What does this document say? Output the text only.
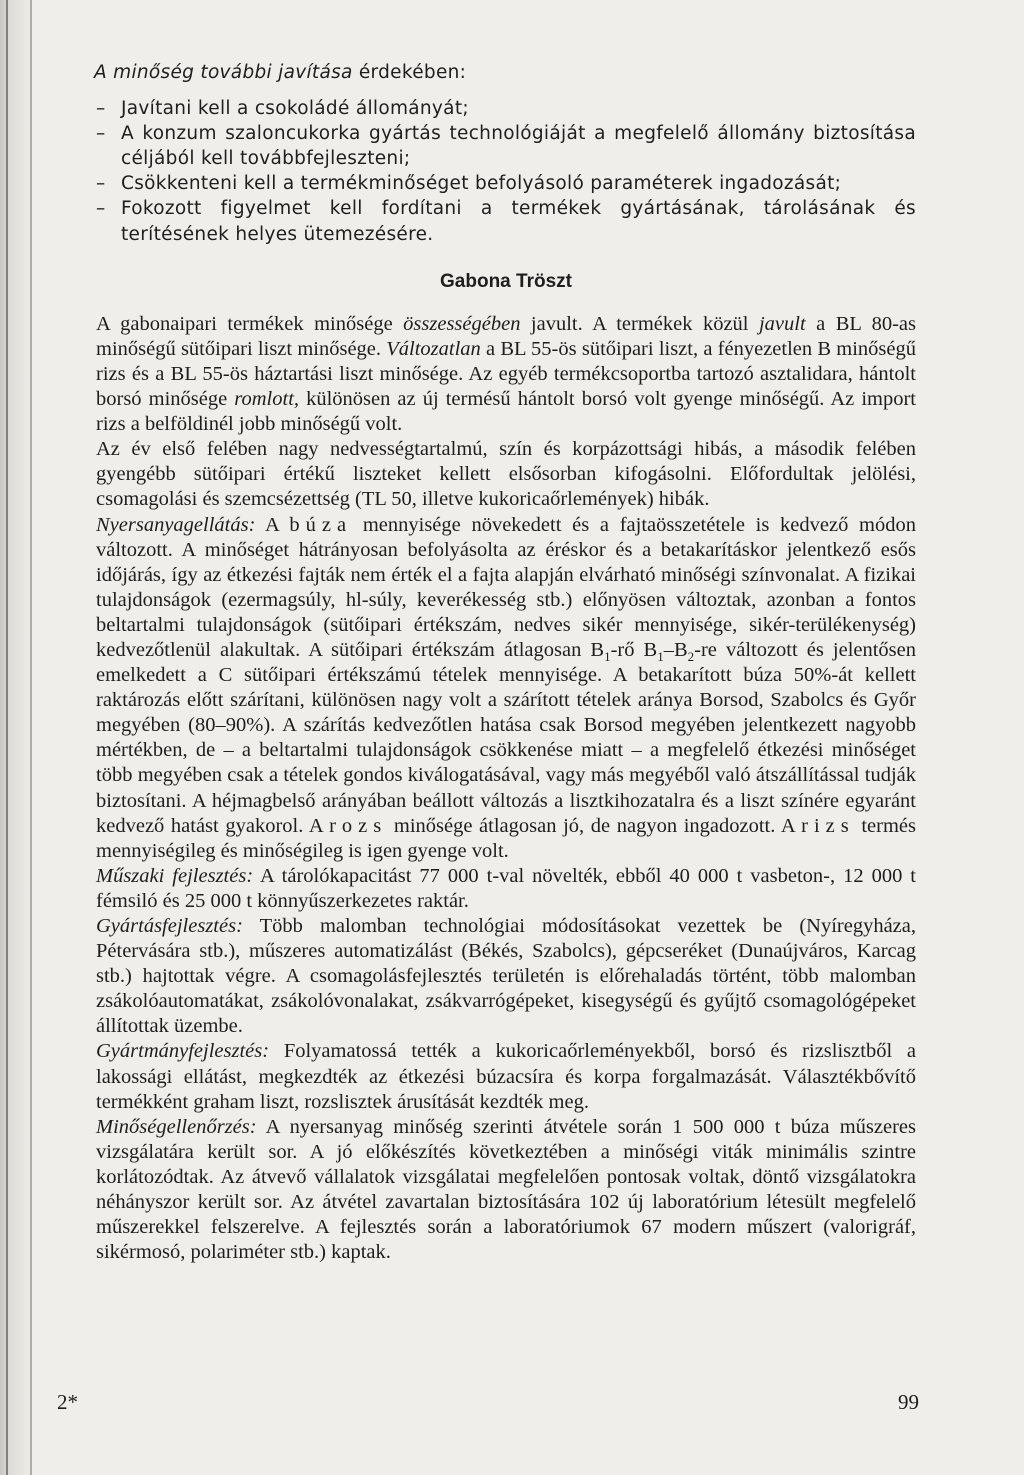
A minőség további javítása érdekében:

– Javítani kell a csokoládé állományát;
– A konzum szaloncukorka gyártás technológiáját a megfelelő állomány biztosítása céljából kell továbbfejleszteni;
– Csökkenteni kell a termékminőséget befolyásoló paraméterek ingadozását;
– Fokozott figyelmet kell fordítani a termékek gyártásának, tárolásának és terítésének helyes ütemezésére.
Gabona Tröszt

A gabonaipari termékek minősége összességében javult. A termékek közül javult a BL 80-as minőségű sütőipari liszt minősége. Változatlan a BL 55-ös sütőipari liszt, a fényezetlen B minőségű rizs és a BL 55-ös háztartási liszt minősége. Az egyéb termékcsoportba tartozó asztalidara, hántolt borsó minősége romlott, különösen az új termésű hántolt borsó volt gyenge minőségű. Az import rizs a belföldinél jobb minőségű volt.

Az év első felében nagy nedvességtartalmú, szín és korpázottsági hibás, a második felében gyengébb sütőipari értékű liszteket kellett elsősorban kifogásolni. Előfordultak jelölési, csomagolási és szemcsézettség (TL 50, illetve kukoricaőrlemények) hibák.

Nyersanyagellátás: A búza mennyisége növekedett és a fajtaösszetétele is kedvező módon változott. A minőséget hátrányosan befolyásolta az éréskor és a betakarításkor jelentkező esős időjárás, így az étkezési fajták nem érték el a fajta alapján elvárható minőségi színvonalat. A fizikai tulajdonságok (ezermagsúly, hl-súly, keverékesség stb.) előnyösen változtak, azonban a fontos beltartalmi tulajdonságok (sütőipari értékszám, nedves sikér mennyisége, sikér-terülékenység) kedvezőtlenül alakultak. A sütőipari értékszám átlagosan $B_1-rő$ $B_1-B_2-re$ változott és jelentősen emelkedett a C sütőipari értékszámú tételek mennyisége. A betakarított búza 50%-át kellett raktározás előtt szárítani, különösen nagy volt a szárított tételek aránya Borsod, Szabolcs és Győr megyében (80–90%). A szárítás kedvezőtlen hatása csak Borsod megyében jelentkezett nagyobb mértékben, de – a beltartalmi tulajdonságok csökkenése miatt – a megfelelő étkezési minőséget több megyében csak a tételek gondos kiválogatásával, vagy más megyéből való átszállítással tudják biztosítani. A héjmagbelső arányában beállott változás a lisztkihozatalra és a liszt színére egyaránt kedvező hatást gyakorol. A rozs minősége átlagosan jó, de nagyon ingadozott. A rizs termés mennyiségileg és minőségileg is igen gyenge volt.

Műszaki fejlesztés: A tárolókapacitást 77 000 t-val növelték, ebből 40 000 t vasbeton-, 12 000 t fémsiló és 25 000 t könnyűszerkezetes raktár.

Gyártásfejlesztés: Több malomban technológiai módosításokat vezettek be (Nyíregyháza, Pétervására stb.), műszeres automatizálást (Békés, Szabolcs), gépcseréket (Dunaújváros, Karcag stb.) hajtottak végre. A csomagolásfejlesztés területén is előrehaladás történt, több malomban zsákolóautomatákat, zsákolóvonalakat, zsákvarrógépeket, kisegységű és gyűjtő csomagológépeket állítottak üzembe.

Gyártmányfejlesztés: Folyamatossá tették a kukoricaőrleményekből, borsó és rizslisztből a lakossági ellátást, megkezdték az étkezési búzacsíra és korpa forgalmazását. Választékbővítő termékként graham liszt, rozslisztek árusítását kezdték meg.

Minőségellenőrzés: A nyersanyag minőség szerinti átvétele során 1 500 000 t búza műszeres vizsgálatára került sor. A jó előkészítés következtében a minőségi viták minimális szintre korlátozódtak. Az átvevő vállalatok vizsgálatai megfelelően pontosak voltak, döntő vizsgálatokra néhányszor került sor. Az átvétel zavartalan biztosítására 102 új laboratórium létesült megfelelő műszerekkel felszerelve. A fejlesztés során a laboratóriumok 67 modern műszert (valorigráf, sikérmosó, polariméter stb.) kaptak.

2*	99
